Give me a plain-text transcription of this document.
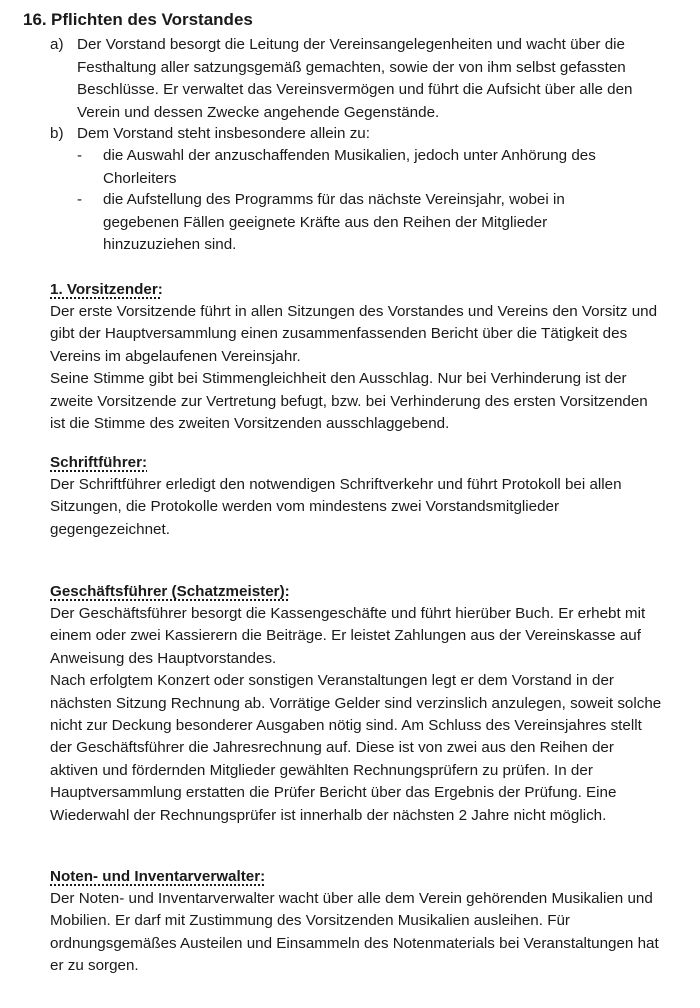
16. Pflichten des Vorstandes
a) Der Vorstand besorgt die Leitung der Vereinsangelegenheiten und wacht über die Festhaltung aller satzungsgemäß gemachten, sowie der von ihm selbst gefassten Beschlüsse. Er verwaltet das Vereinsvermögen und führt die Aufsicht über alle den Verein und dessen Zwecke angehende Gegenstände.
b) Dem Vorstand steht insbesondere allein zu:
- die Auswahl der anzuschaffenden Musikalien, jedoch unter Anhörung des Chorleiters
- die Aufstellung des Programms für das nächste Vereinsjahr, wobei in gegebenen Fällen geeignete Kräfte aus den Reihen der Mitglieder hinzuzuziehen sind.
1. Vorsitzender:
Der erste Vorsitzende führt in allen Sitzungen des Vorstandes und Vereins den Vorsitz und gibt der Hauptversammlung einen zusammenfassenden Bericht über die Tätigkeit des Vereins im abgelaufenen Vereinsjahr.
Seine Stimme gibt bei Stimmengleichheit den Ausschlag. Nur bei Verhinderung ist der zweite Vorsitzende zur Vertretung befugt, bzw. bei Verhinderung des ersten Vorsitzenden ist die Stimme des zweiten Vorsitzenden ausschlaggebend.
Schriftführer:
Der Schriftführer erledigt den notwendigen Schriftverkehr und führt Protokoll bei allen Sitzungen, die Protokolle werden vom mindestens zwei Vorstandsmitglieder gegengezeichnet.
Geschäftsführer (Schatzmeister):
Der Geschäftsführer besorgt die Kassengeschäfte und führt hierüber Buch. Er erhebt mit einem oder zwei Kassierern die Beiträge. Er leistet Zahlungen aus der Vereinskasse auf Anweisung des Hauptvorstandes.
Nach erfolgtem Konzert oder sonstigen Veranstaltungen legt er dem Vorstand in der nächsten Sitzung Rechnung ab. Vorrätige Gelder sind verzinslich anzulegen, soweit solche nicht zur Deckung besonderer Ausgaben nötig sind. Am Schluss des Vereinsjahres stellt der Geschäftsführer die Jahresrechnung auf. Diese ist von zwei aus den Reihen der aktiven und fördernden Mitglieder gewählten Rechnungsprüfern zu prüfen. In der Hauptversammlung erstatten die Prüfer Bericht über das Ergebnis der Prüfung. Eine Wiederwahl der Rechnungsprüfer ist innerhalb der nächsten 2 Jahre nicht möglich.
Noten- und Inventarverwalter:
Der Noten- und Inventarverwalter wacht über alle dem Verein gehörenden Musikalien und Mobilien. Er darf mit Zustimmung des Vorsitzenden Musikalien ausleihen. Für ordnungsgemäßes Austeilen und Einsammeln des Notenmaterials bei Veranstaltungen hat er zu sorgen.
